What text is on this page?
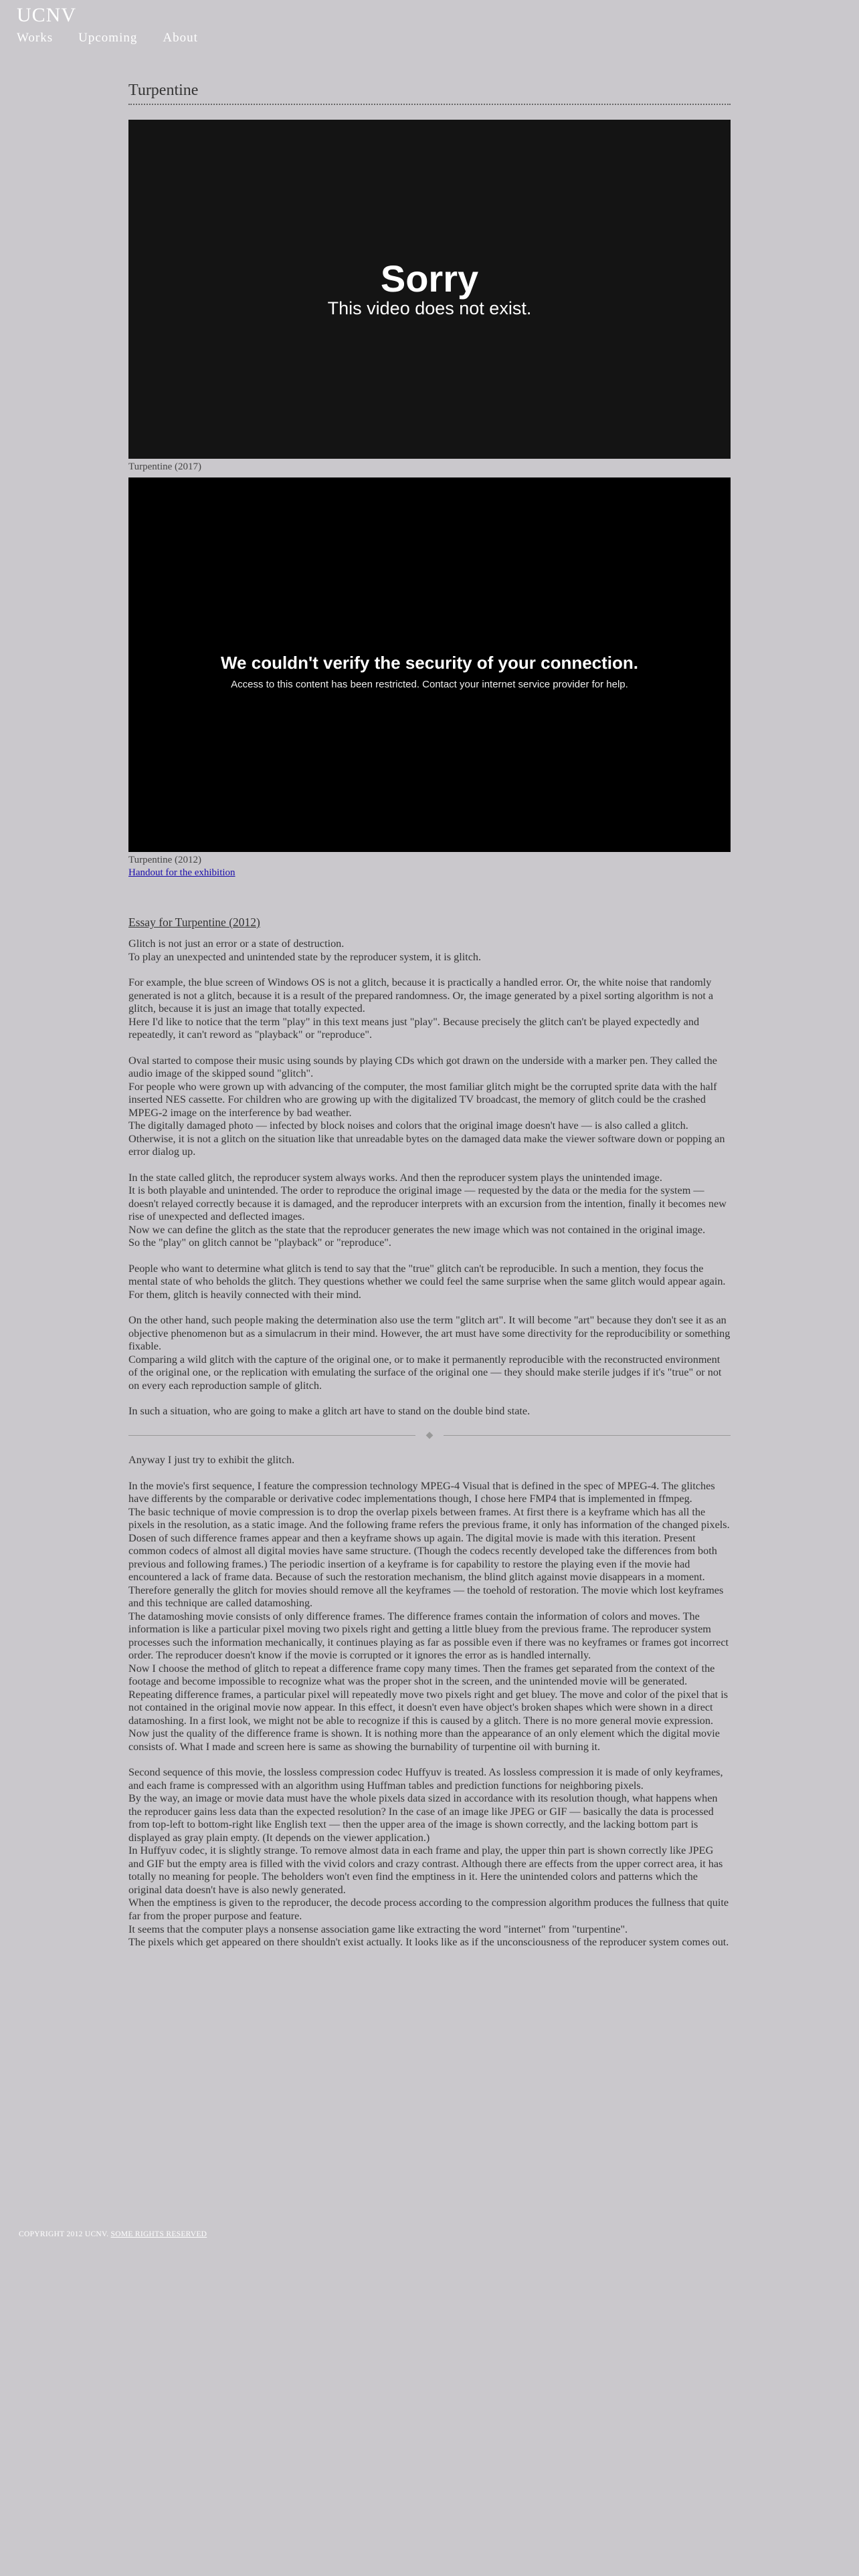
UCNV
Works Upcoming About
Turpentine
Sorry
This video does not exist.
Turpentine (2017)
We couldn't verify the security of your connection.
Access to this content has been restricted. Contact your internet service provider for help.
Turpentine (2012)
Handout for the exhibition
Essay for Turpentine (2012)

Glitch is not just an error or a state of destruction.
To play an unexpected and unintended state by the reproducer system, it is glitch.

For example, the blue screen of Windows OS is not a glitch, because it is practically a handled error. Or, the white noise that randomly generated is not a glitch, because it is a result of the prepared randomness. Or, the image generated by a pixel sorting algorithm is not a glitch, because it is just an image that totally expected.
Here I'd like to notice that the term "play" in this text means just "play". Because precisely the glitch can't be played expectedly and repeatedly, it can't reword as "playback" or "reproduce".

Oval started to compose their music using sounds by playing CDs which got drawn on the underside with a marker pen. They called the audio image of the skipped sound "glitch".
For people who were grown up with advancing of the computer, the most familiar glitch might be the corrupted sprite data with the half inserted NES cassette. For children who are growing up with the digitalized TV broadcast, the memory of glitch could be the crashed MPEG-2 image on the interference by bad weather.
The digitally damaged photo — infected by block noises and colors that the original image doesn't have — is also called a glitch. Otherwise, it is not a glitch on the situation like that unreadable bytes on the damaged data make the viewer software down or popping an error dialog up.

In the state called glitch, the reproducer system always works. And then the reproducer system plays the unintended image.
It is both playable and unintended. The order to reproduce the original image — requested by the data or the media for the system — doesn't relayed correctly because it is damaged, and the reproducer interprets with an excursion from the intention, finally it becomes new rise of unexpected and deflected images.
Now we can define the glitch as the state that the reproducer generates the new image which was not contained in the original image.
So the "play" on glitch cannot be "playback" or "reproduce".

People who want to determine what glitch is tend to say that the "true" glitch can't be reproducible. In such a mention, they focus the mental state of who beholds the glitch. They questions whether we could feel the same surprise when the same glitch would appear again. For them, glitch is heavily connected with their mind.

On the other hand, such people making the determination also use the term "glitch art". It will become "art" because they don't see it as an objective phenomenon but as a simulacrum in their mind. However, the art must have some directivity for the reproducibility or something fixable.
Comparing a wild glitch with the capture of the original one, or to make it permanently reproducible with the reconstructed environment of the original one, or the replication with emulating the surface of the original one — they should make sterile judges if it's "true" or not on every each reproduction sample of glitch.

In such a situation, who are going to make a glitch art have to stand on the double bind state.

◆

Anyway I just try to exhibit the glitch.

In the movie's first sequence, I feature the compression technology MPEG-4 Visual that is defined in the spec of MPEG-4. The glitches have differents by the comparable or derivative codec implementations though, I chose here FMP4 that is implemented in ffmpeg.
The basic technique of movie compression is to drop the overlap pixels between frames. At first there is a keyframe which has all the pixels in the resolution, as a static image. And the following frame refers the previous frame, it only has information of the changed pixels. Dosen of such difference frames appear and then a keyframe shows up again. The digital movie is made with this iteration. Present common codecs of almost all digital movies have same structure. (Though the codecs recently developed take the differences from both previous and following frames.) The periodic insertion of a keyframe is for capability to restore the playing even if the movie had encountered a lack of frame data. Because of such the restoration mechanism, the blind glitch against movie disappears in a moment. Therefore generally the glitch for movies should remove all the keyframes — the toehold of restoration. The movie which lost keyframes and this technique are called datamoshing.
The datamoshing movie consists of only difference frames. The difference frames contain the information of colors and moves. The information is like a particular pixel moving two pixels right and getting a little bluey from the previous frame. The reproducer system processes such the information mechanically, it continues playing as far as possible even if there was no keyframes or frames got incorrect order. The reproducer doesn't know if the movie is corrupted or it ignores the error as is handled internally.
Now I choose the method of glitch to repeat a difference frame copy many times. Then the frames get separated from the context of the footage and become impossible to recognize what was the proper shot in the screen, and the unintended movie will be generated. Repeating difference frames, a particular pixel will repeatedly move two pixels right and get bluey. The move and color of the pixel that is not contained in the original movie now appear. In this effect, it doesn't even have object's broken shapes which were shown in a direct datamoshing. In a first look, we might not be able to recognize if this is caused by a glitch. There is no more general movie expression. Now just the quality of the difference frame is shown. It is nothing more than the appearance of an only element which the digital movie consists of. What I made and screen here is same as showing the burnability of turpentine oil with burning it.

Second sequence of this movie, the lossless compression codec Huffyuv is treated. As lossless compression it is made of only keyframes, and each frame is compressed with an algorithm using Huffman tables and prediction functions for neighboring pixels.
By the way, an image or movie data must have the whole pixels data sized in accordance with its resolution though, what happens when the reproducer gains less data than the expected resolution? In the case of an image like JPEG or GIF — basically the data is processed from top-left to bottom-right like English text — then the upper area of the image is shown correctly, and the lacking bottom part is displayed as gray plain empty. (It depends on the viewer application.)
In Huffyuv codec, it is slightly strange. To remove almost data in each frame and play, the upper thin part is shown correctly like JPEG and GIF but the empty area is filled with the vivid colors and crazy contrast. Although there are effects from the upper correct area, it has totally no meaning for people. The beholders won't even find the emptiness in it. Here the unintended colors and patterns which the original data doesn't have is also newly generated.
When the emptiness is given to the reproducer, the decode process according to the compression algorithm produces the fullness that quite far from the proper purpose and feature.
It seems that the computer plays a nonsense association game like extracting the word "internet" from "turpentine".
The pixels which get appeared on there shouldn't exist actually. It looks like as if the unconsciousness of the reproducer system comes out.

COPYRIGHT 2012 UCNV. SOME RIGHTS RESERVED
